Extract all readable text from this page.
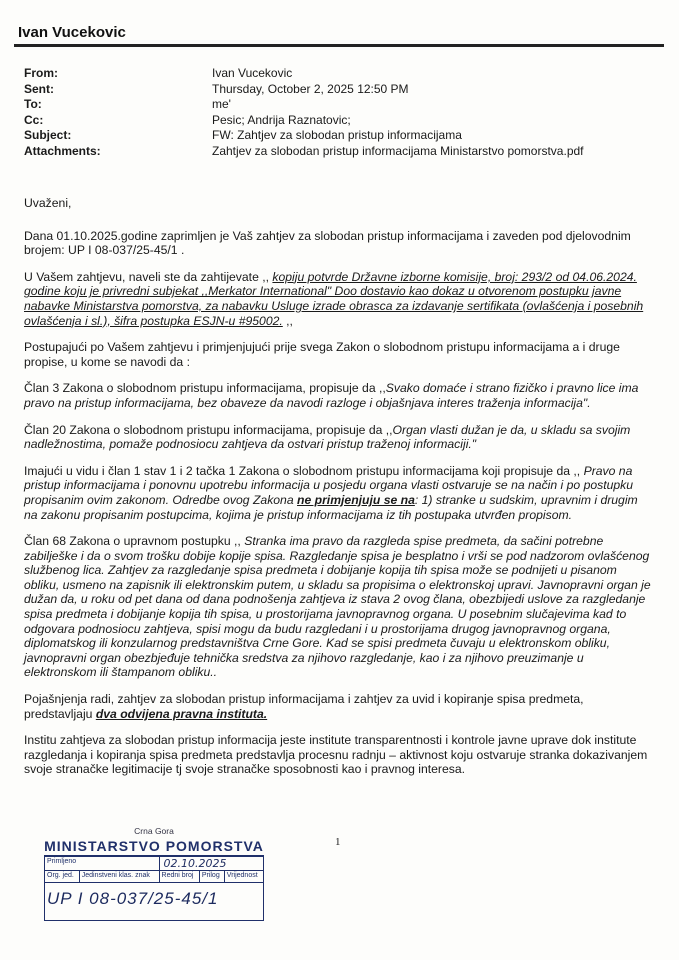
Ivan Vucekovic
From:	Ivan Vucekovic
Sent:	Thursday, October 2, 2025 12:50 PM
To:	me'
Cc:	Pesic; Andrija Raznatovic;
Subject:	FW: Zahtjev za slobodan pristup informacijama
Attachments:	Zahtjev za slobodan pristup informacijama Ministarstvo pomorstva.pdf

Uvaženi,

Dana 01.10.2025.godine zaprimljen je Vaš zahtjev za slobodan pristup informacijama i zaveden pod djelovodnim brojem: UP I 08-037/25-45/1 .

U Vašem zahtjevu, naveli ste da zahtijevate ,, kopiju potvrde Državne izborne komisije, broj: 293/2 od 04.06.2024. godine koju je privredni subjekat ,,Merkator International" Doo dostavio kao dokaz u otvorenom postupku javne nabavke Ministarstva pomorstva, za nabavku Usluge izrade obrasca za izdavanje sertifikata (ovlašćenja i posebnih ovlašćenja i sl.), šifra postupka ESJN-u #95002. ,,

Postupajući po Vašem zahtjevu i primjenjujući prije svega Zakon o slobodnom pristupu informacijama a i druge propise, u kome se navodi da :

Član 3 Zakona o slobodnom pristupu informacijama, propisuje da ,,Svako domaće i strano fizičko i pravno lice ima pravo na pristup informacijama, bez obaveze da navodi razloge i objašnjava interes traženja informacija".

Član 20 Zakona o slobodnom pristupu informacijama, propisuje da ,,Organ vlasti dužan je da, u skladu sa svojim nadležnostima, pomaže podnosiocu zahtjeva da ostvari pristup traženoj informaciji."

Imajući u vidu i član 1 stav 1 i 2 tačka 1 Zakona o slobodnom pristupu informacijama koji propisuje da ,, Pravo na pristup informacijama i ponovnu upotrebu informacija u posjedu organa vlasti ostvaruje se na način i po postupku propisanim ovim zakonom. Odredbe ovog Zakona ne primjenjuju se na: 1) stranke u sudskim, upravnim i drugim na zakonu propisanim postupcima, kojima je pristup informacijama iz tih postupaka utvrđen propisom.

Član 68 Zakona o upravnom postupku ,, Stranka ima pravo da razgleda spise predmeta, da sačini potrebne zabilješke i da o svom trošku dobije kopije spisa. Razgledanje spisa je besplatno i vrši se pod nadzorom ovlašćenog službenog lica. Zahtjev za razgledanje spisa predmeta i dobijanje kopija tih spisa može se podnijeti u pisanom obliku, usmeno na zapisnik ili elektronskim putem, u skladu sa propisima o elektronskoj upravi. Javnopravni organ je dužan da, u roku od pet dana od dana podnošenja zahtjeva iz stava 2 ovog člana, obezbijedi uslove za razgledanje spisa predmeta i dobijanje kopija tih spisa, u prostorijama javnopravnog organa. U posebnim slučajevima kad to odgovara podnosiocu zahtjeva, spisi mogu da budu razgledani i u prostorijama drugog javnopravnog organa, diplomatskog ili konzularnog predstavništva Crne Gore. Kad se spisi predmeta čuvaju u elektronskom obliku, javnopravni organ obezbjeđuje tehnička sredstva za njihovo razgledanje, kao i za njihovo preuzimanje u elektronskom ili štampanom obliku..

Pojašnjenja radi, zahtjev za slobodan pristup informacijama i zahtjev za uvid i kopiranje spisa predmeta, predstavljaju dva odvijena pravna instituta.

Institu zahtjeva za slobodan pristup informacija jeste institute transparentnosti i kontrole javne uprave dok institute razgledanja i kopiranja spisa predmeta predstavlja procesnu radnju – aktivnost koju ostvaruje stranka dokazivanjem svoje stranačke legitimacije tj svoje stranačke sposobnosti kao i pravnog interesa.

1
Crna Gora
MINISTARSTVO POMORSTVA
Primljeno		02.10.2025		
Org. jed.	Jedinstveni klas. znak	Redni broj	Prilog	Vrijednost
UP I 08-037/25-45/1				
